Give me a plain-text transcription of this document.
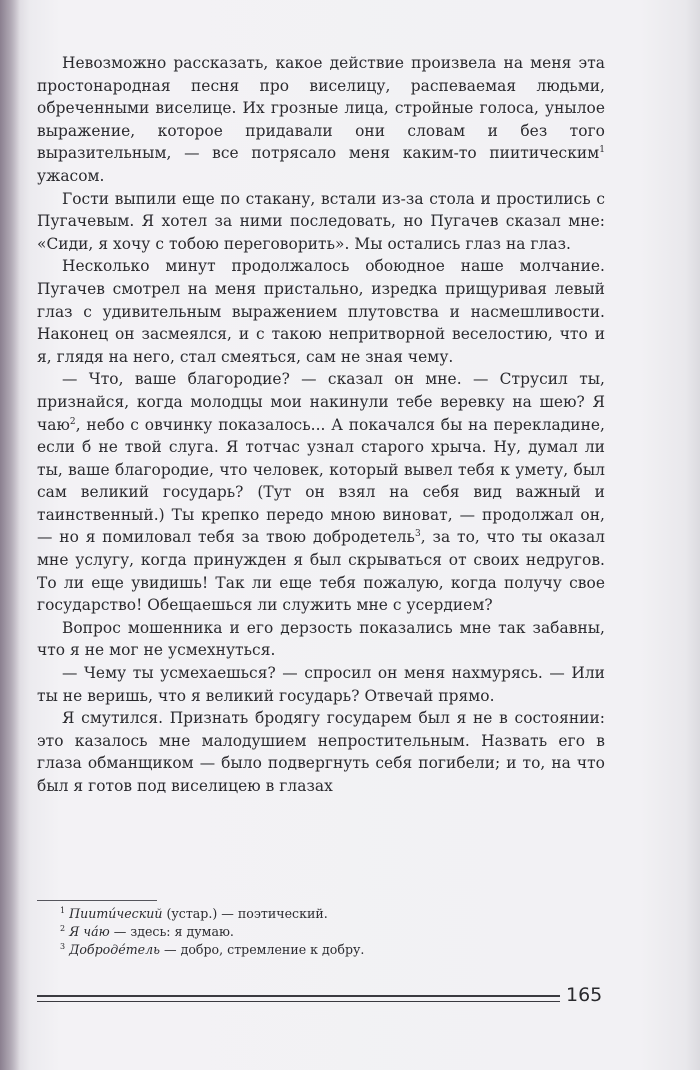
Невозможно рассказать, какое действие произвела на меня эта простонародная песня про виселицу, распеваемая людьми, обреченными виселице. Их грозные лица, стройные голоса, унылое выражение, которое придавали они словам и без того выразительным, — все потрясало меня каким-то пиитическим$^1$ ужасом.

Гости выпили еще по стакану, встали из-за стола и простились с Пугачевым. Я хотел за ними последовать, но Пугачев сказал мне: «Сиди, я хочу с тобою переговорить». Мы остались глаз на глаз.

Несколько минут продолжалось обоюдное наше молчание. Пугачев смотрел на меня пристально, изредка прищуривая левый глаз с удивительным выражением плутовства и насмешливости. Наконец он засмеялся, и с такою непритворной веселостию, что и я, глядя на него, стал смеяться, сам не зная чему.

— Что, ваше благородие? — сказал он мне. — Струсил ты, признайся, когда молодцы мои накинули тебе веревку на шею? Я чаю$^2$, небо с овчинку показалось... А покачался бы на перекладине, если б не твой слуга. Я тотчас узнал старого хрыча. Ну, думал ли ты, ваше благородие, что человек, который вывел тебя к умету, был сам великий государь? (Тут он взял на себя вид важный и таинственный.) Ты крепко передо мною виноват, — продолжал он, — но я помиловал тебя за твою добродетель$^3$, за то, что ты оказал мне услугу, когда принужден я был скрываться от своих недругов. То ли еще увидишь! Так ли еще тебя пожалую, когда получу свое государство! Обещаешься ли служить мне с усердием?

Вопрос мошенника и его дерзость показались мне так забавны, что я не мог не усмехнуться.

— Чему ты усмехаешься? — спросил он меня нахмурясь. — Или ты не веришь, что я великий государь? Отвечай прямо.

Я смутился. Признать бродягу государем был я не в состоянии: это казалось мне малодушием непростительным. Назвать его в глаза обманщиком — было подвергнуть себя погибели; и то, на что был я готов под виселицею в глазах

$^1$ Пиити́ческий (устар.) — поэтический.
$^2$ Я ча́ю — здесь: я думаю.
$^3$ Доброде́тель — добро, стремление к добру.
165
